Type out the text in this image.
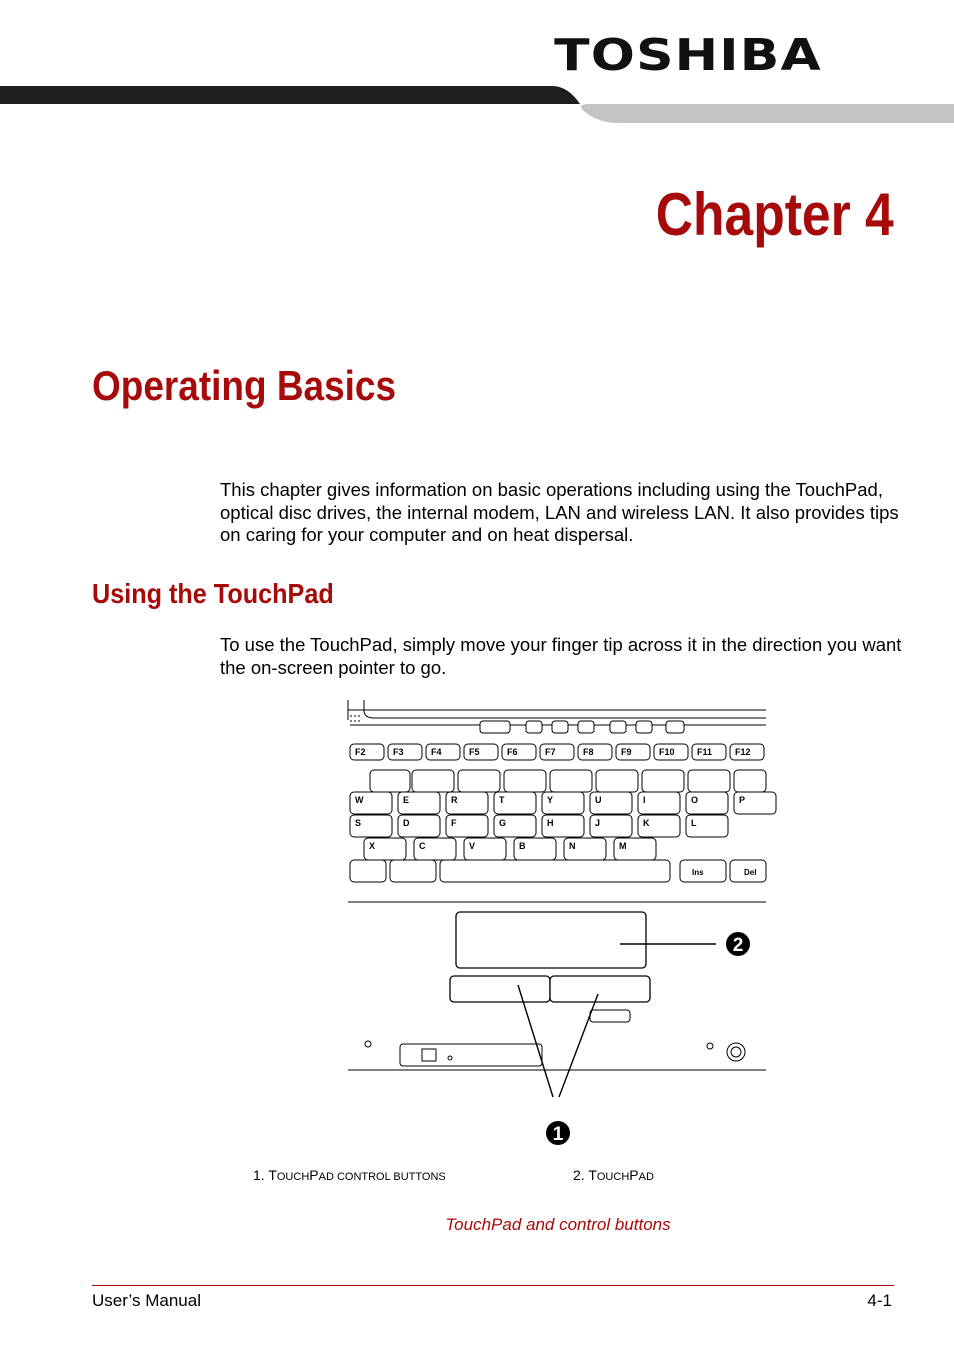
TOSHIBA
Chapter 4
Operating Basics

This chapter gives information on basic operations including using the TouchPad, optical disc drives, the internal modem, LAN and wireless LAN. It also provides tips on caring for your computer and on heat dispersal.

Using the TouchPad

To use the TouchPad, simply move your finger tip across it in the direction you want the on-screen pointer to go.

F2	F3	F4	F5	F6	F7	F8	F9	F10 F11	F12
W	E	R	T	Y	U	I	O	P
S	D	F	G	H	J	K	L
X	C	V	B	N	M
Ins	Del
2
1
1. TOUCHPAD CONTROL BUTTONS	2. TOUCHPAD
TouchPad and control buttons
User’s Manual	4-1
